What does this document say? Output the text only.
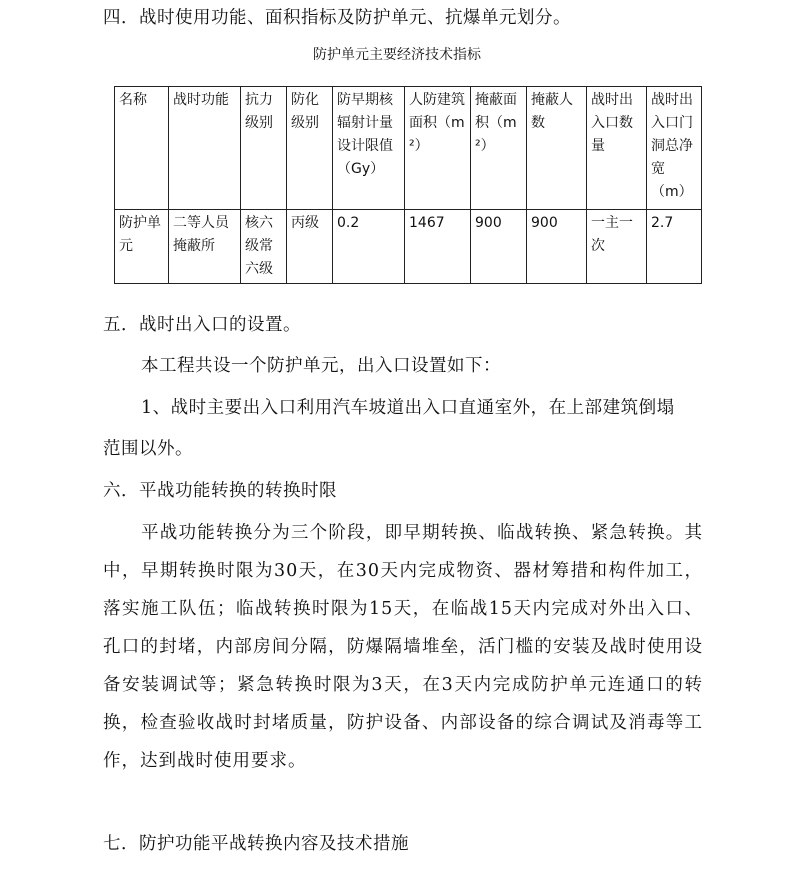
四．战时使用功能、面积指标及防护单元、抗爆单元划分。
防护单元主要经济技术指标
名称	战时功能	抗力级别	防化级别	防早期核辐射计量设计限值（Gy）	人防建筑面积（m²）	掩蔽面积（m²）	掩蔽人数	战时出入口数量	战时出入口门洞总净宽（m）
防护单元	二等人员掩蔽所	核六级常六级	丙级	0.2	1467	900	900	一主一次	2.7
五．战时出入口的设置。
本工程共设一个防护单元，出入口设置如下：
1、战时主要出入口利用汽车坡道出入口直通室外，在上部建筑倒塌
范围以外。
六．平战功能转换的转换时限
平战功能转换分为三个阶段，即早期转换、临战转换、紧急转换。其中，早期转换时限为30天，在30天内完成物资、器材筹措和构件加工，落实施工队伍；临战转换时限为15天，在临战15天内完成对外出入口、孔口的封堵，内部房间分隔，防爆隔墙堆垒，活门槛的安装及战时使用设备安装调试等；紧急转换时限为3天，在3天内完成防护单元连通口的转换，检查验收战时封堵质量，防护设备、内部设备的综合调试及消毒等工作，达到战时使用要求。
七．防护功能平战转换内容及技术措施
